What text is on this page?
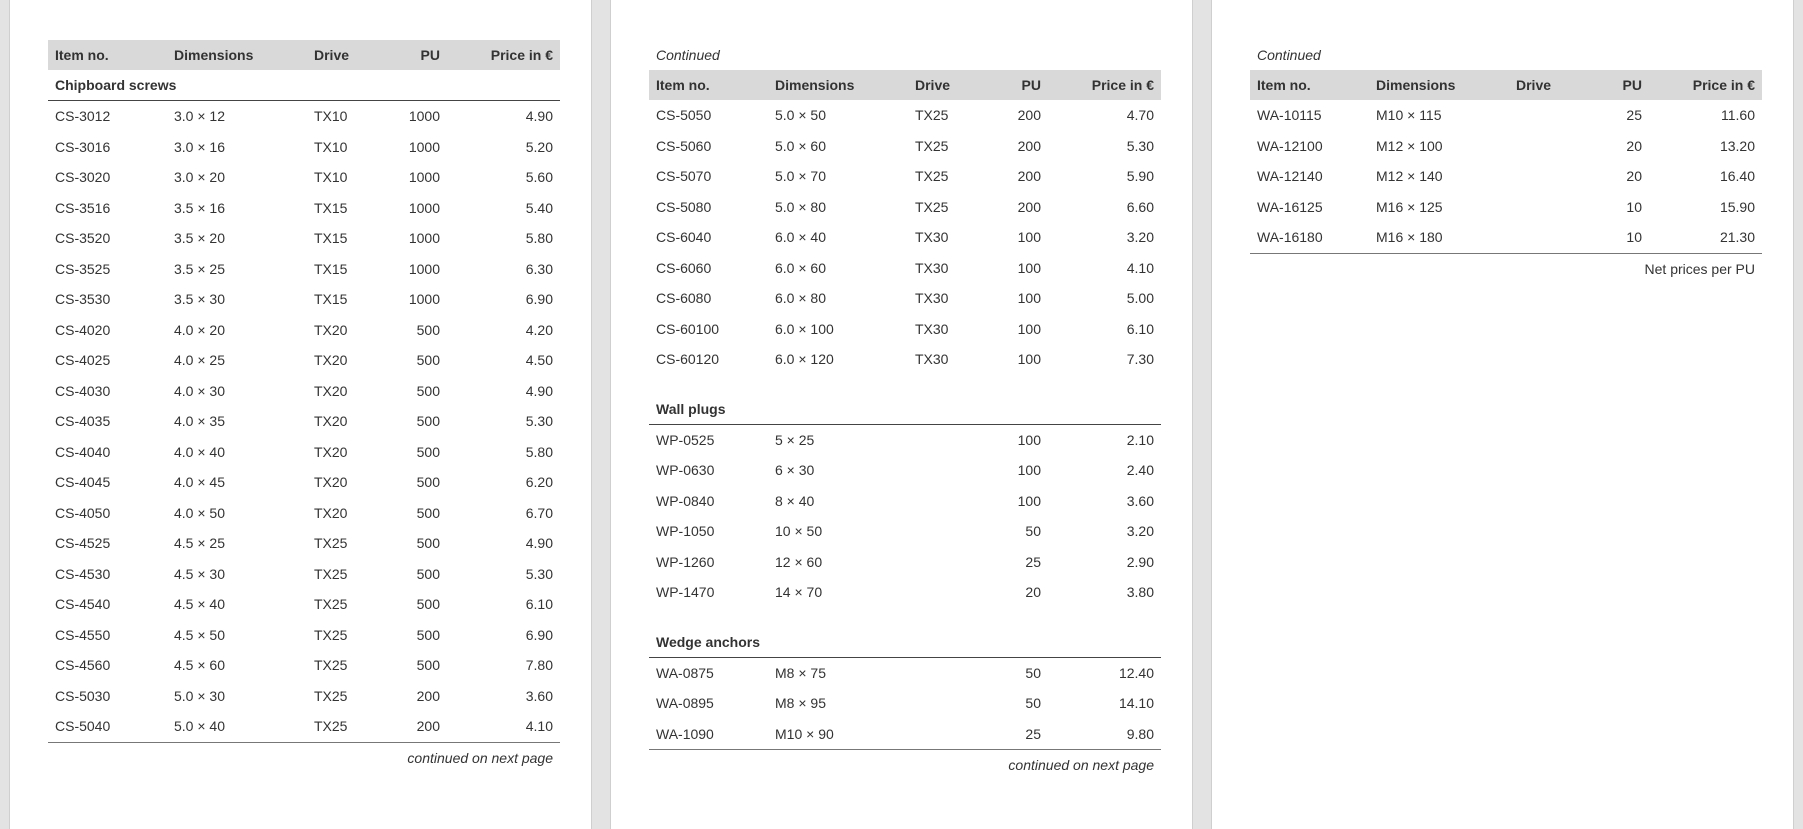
Item no.	Dimensions	Drive	PU	Price in €
Chipboard screws				
CS-3012	3.0 × 12	TX10	1000	4.90
CS-3016	3.0 × 16	TX10	1000	5.20
CS-3020	3.0 × 20	TX10	1000	5.60
CS-3516	3.5 × 16	TX15	1000	5.40
CS-3520	3.5 × 20	TX15	1000	5.80
CS-3525	3.5 × 25	TX15	1000	6.30
CS-3530	3.5 × 30	TX15	1000	6.90
CS-4020	4.0 × 20	TX20	500	4.20
CS-4025	4.0 × 25	TX20	500	4.50
CS-4030	4.0 × 30	TX20	500	4.90
CS-4035	4.0 × 35	TX20	500	5.30
CS-4040	4.0 × 40	TX20	500	5.80
CS-4045	4.0 × 45	TX20	500	6.20
CS-4050	4.0 × 50	TX20	500	6.70
CS-4525	4.5 × 25	TX25	500	4.90
CS-4530	4.5 × 30	TX25	500	5.30
CS-4540	4.5 × 40	TX25	500	6.10
CS-4550	4.5 × 50	TX25	500	6.90
CS-4560	4.5 × 60	TX25	500	7.80
CS-5030	5.0 × 30	TX25	200	3.60
CS-5040	5.0 × 40	TX25	200	4.10
continued on next page
Continued
Item no.	Dimensions	Drive	PU	Price in €
CS-5050	5.0 × 50	TX25	200	4.70
CS-5060	5.0 × 60	TX25	200	5.30
CS-5070	5.0 × 70	TX25	200	5.90
CS-5080	5.0 × 80	TX25	200	6.60
CS-6040	6.0 × 40	TX30	100	3.20
CS-6060	6.0 × 60	TX30	100	4.10
CS-6080	6.0 × 80	TX30	100	5.00
CS-60100	6.0 × 100	TX30	100	6.10
CS-60120	6.0 × 120	TX30	100	7.30
Wall plugs				
WP-0525	5 × 25		100	2.10
WP-0630	6 × 30		100	2.40
WP-0840	8 × 40		100	3.60
WP-1050	10 × 50		50	3.20
WP-1260	12 × 60		25	2.90
WP-1470	14 × 70		20	3.80
Wedge anchors				
WA-0875	M8 × 75		50	12.40
WA-0895	M8 × 95		50	14.10
WA-1090	M10 × 90		25	9.80
continued on next page
Continued
Item no.	Dimensions	Drive	PU	Price in €
WA-10115	M10 × 115		25	11.60
WA-12100	M12 × 100		20	13.20
WA-12140	M12 × 140		20	16.40
WA-16125	M16 × 125		10	15.90
WA-16180	M16 × 180		10	21.30
Net prices per PU
